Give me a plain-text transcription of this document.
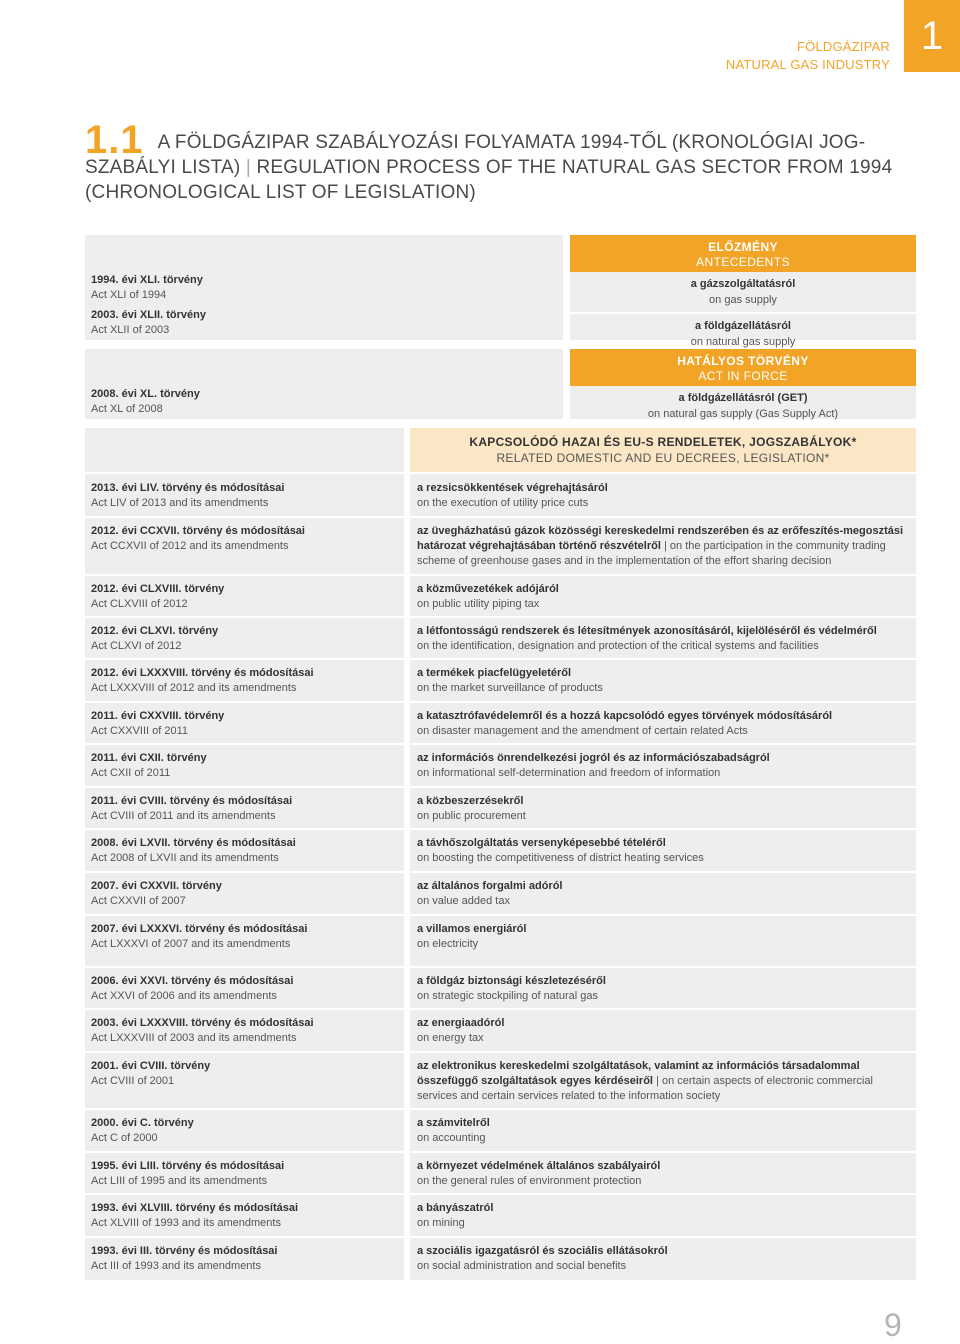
FÖLDGÁZIPAR
NATURAL GAS INDUSTRY
1
1.1 A FÖLDGÁZIPAR SZABÁLYOZÁSI FOLYAMATA 1994-TŐL (KRONOLÓGIAI JOG-SZABÁLYI LISTA) | REGULATION PROCESS OF THE NATURAL GAS SECTOR FROM 1994 (CHRONOLOGICAL LIST OF LEGISLATION)
1994. évi XLI. törvény
Act XLI of 1994
2003. évi XLII. törvény
Act XLII of 2003
ELŐZMÉNY
ANTECEDENTS
a gázszolgáltatásról
on gas supply
a földgázellátásról
on natural gas supply
2008. évi XL. törvény
Act XL of 2008
HATÁLYOS TÖRVÉNY
ACT IN FORCE
a földgázellátásról (GET)
on natural gas supply (Gas Supply Act)
KAPCSOLÓDÓ HAZAI ÉS EU-S RENDELETEK, JOGSZABÁLYOK*
RELATED DOMESTIC AND EU DECREES, LEGISLATION*
2013. évi LIV. törvény és módosításai
Act LIV of 2013 and its amendments
a rezsicsökkentések végrehajtásáról
on the execution of utility price cuts
2012. évi CCXVII. törvény és módosításai
Act CCXVII of 2012 and its amendments
az üvegházhatású gázok közösségi kereskedelmi rendszerében és az erőfeszítés-megosztási határozat végrehajtásában történő részvételről | on the participation in the community trading scheme of greenhouse gases and in the implementation of the effort sharing decision
2012. évi CLXVIII. törvény
Act CLXVIII of 2012
a közművezetékek adójáról
on public utility piping tax
2012. évi CLXVI. törvény
Act CLXVI of 2012
a létfontosságú rendszerek és létesítmények azonosításáról, kijelöléséről és védelméről
on the identification, designation and protection of the critical systems and facilities
2012. évi LXXXVIII. törvény és módosításai
Act LXXXVIII of 2012 and its amendments
a termékek piacfelügyeletéről
on the market surveillance of products
2011. évi CXXVIII. törvény
Act CXXVIII of 2011
a katasztrófavédelemről és a hozzá kapcsolódó egyes törvények módosításáról
on disaster management and the amendment of certain related Acts
2011. évi CXII. törvény
Act CXII of 2011
az információs önrendelkezési jogról és az információszabadságról
on informational self-determination and freedom of information
2011. évi CVIII. törvény és módosításai
Act CVIII of 2011 and its amendments
a közbeszerzésekről
on public procurement
2008. évi LXVII. törvény és módosításai
Act 2008 of LXVII and its amendments
a távhőszolgáltatás versenyképesebbé tételéről
on boosting the competitiveness of district heating services
2007. évi CXXVII. törvény
Act CXXVII of 2007
az általános forgalmi adóról
on value added tax
2007. évi LXXXVI. törvény és módosításai
Act LXXXVI of 2007 and its amendments
a villamos energiáról
on electricity
2006. évi XXVI. törvény és módosításai
Act XXVI of 2006 and its amendments
a földgáz biztonsági készletezéséről
on strategic stockpiling of natural gas
2003. évi LXXXVIII. törvény és módosításai
Act LXXXVIII of 2003 and its amendments
az energiaadóról
on energy tax
2001. évi CVIII. törvény
Act CVIII of 2001
az elektronikus kereskedelmi szolgáltatások, valamint az információs társadalommal összefüggő szolgáltatások egyes kérdéseiről | on certain aspects of electronic commercial services and certain services related to the information society
2000. évi C. törvény
Act C of 2000
a számvitelről
on accounting
1995. évi LIII. törvény és módosításai
Act LIII of 1995 and its amendments
a környezet védelmének általános szabályairól
on the general rules of environment protection
1993. évi XLVIII. törvény és módosításai
Act XLVIII of 1993 and its amendments
a bányászatról
on mining
1993. évi III. törvény és módosításai
Act III of 1993 and its amendments
a szociális igazgatásról és szociális ellátásokról
on social administration and social benefits
9
